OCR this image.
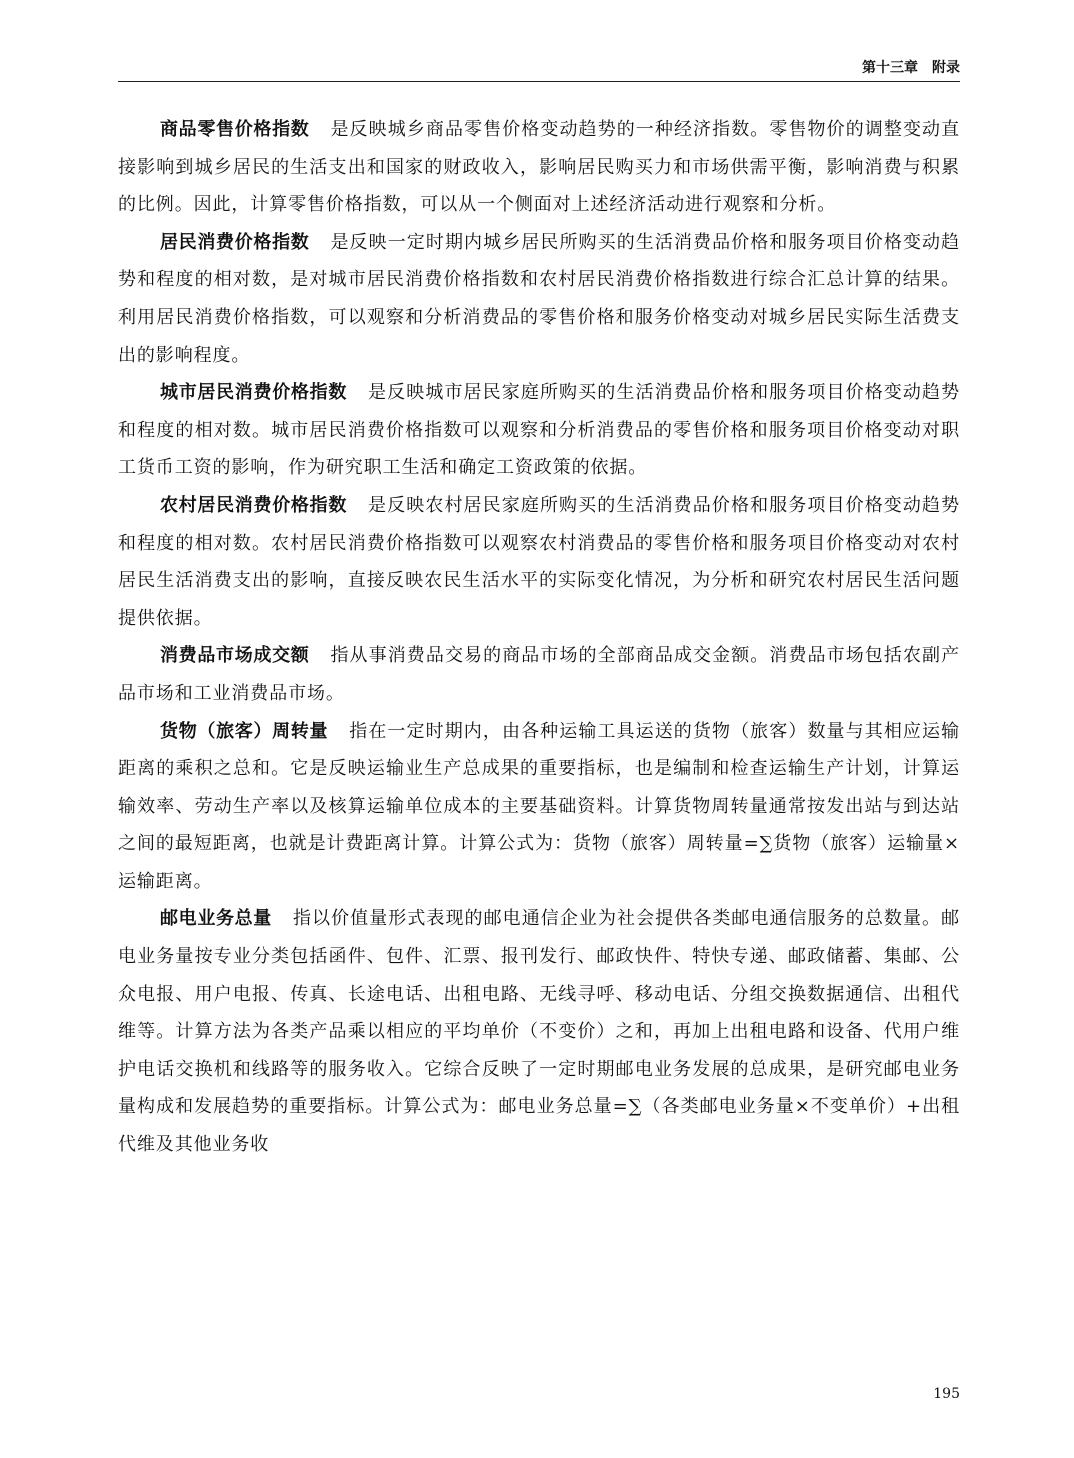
第十三章　附录

商品零售价格指数 是反映城乡商品零售价格变动趋势的一种经济指数。零售物价的调整变动直接影响到城乡居民的生活支出和国家的财政收入，影响居民购买力和市场供需平衡，影响消费与积累的比例。因此，计算零售价格指数，可以从一个侧面对上述经济活动进行观察和分析。

居民消费价格指数 是反映一定时期内城乡居民所购买的生活消费品价格和服务项目价格变动趋势和程度的相对数，是对城市居民消费价格指数和农村居民消费价格指数进行综合汇总计算的结果。利用居民消费价格指数，可以观察和分析消费品的零售价格和服务价格变动对城乡居民实际生活费支出的影响程度。

城市居民消费价格指数 是反映城市居民家庭所购买的生活消费品价格和服务项目价格变动趋势和程度的相对数。城市居民消费价格指数可以观察和分析消费品的零售价格和服务项目价格变动对职工货币工资的影响，作为研究职工生活和确定工资政策的依据。

农村居民消费价格指数 是反映农村居民家庭所购买的生活消费品价格和服务项目价格变动趋势和程度的相对数。农村居民消费价格指数可以观察农村消费品的零售价格和服务项目价格变动对农村居民生活消费支出的影响，直接反映农民生活水平的实际变化情况，为分析和研究农村居民生活问题提供依据。

消费品市场成交额 指从事消费品交易的商品市场的全部商品成交金额。消费品市场包括农副产品市场和工业消费品市场。

货物（旅客）周转量 指在一定时期内，由各种运输工具运送的货物（旅客）数量与其相应运输距离的乘积之总和。它是反映运输业生产总成果的重要指标，也是编制和检查运输生产计划，计算运输效率、劳动生产率以及核算运输单位成本的主要基础资料。计算货物周转量通常按发出站与到达站之间的最短距离，也就是计费距离计算。计算公式为：货物（旅客）周转量=∑货物（旅客）运输量×运输距离。

邮电业务总量 指以价值量形式表现的邮电通信企业为社会提供各类邮电通信服务的总数量。邮电业务量按专业分类包括函件、包件、汇票、报刊发行、邮政快件、特快专递、邮政储蓄、集邮、公众电报、用户电报、传真、长途电话、出租电路、无线寻呼、移动电话、分组交换数据通信、出租代维等。计算方法为各类产品乘以相应的平均单价（不变价）之和，再加上出租电路和设备、代用户维护电话交换机和线路等的服务收入。它综合反映了一定时期邮电业务发展的总成果，是研究邮电业务量构成和发展趋势的重要指标。计算公式为：邮电业务总量=∑（各类邮电业务量×不变单价）+出租代维及其他业务收

195
